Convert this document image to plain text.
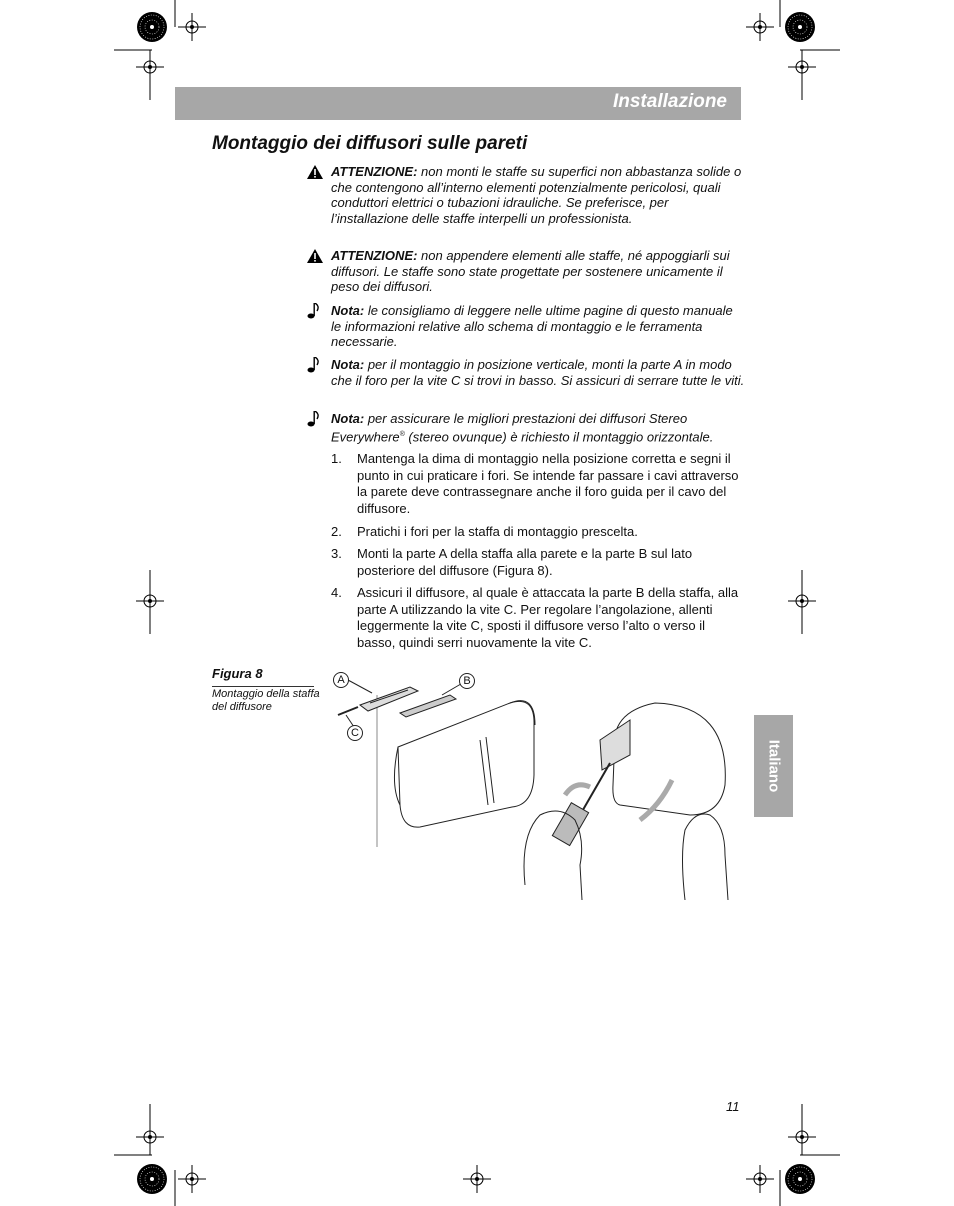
Installazione
Montaggio dei diffusori sulle pareti
ATTENZIONE: non monti le staffe su superfici non abbastanza solide o che contengono all’interno elementi potenzialmente pericolosi, quali conduttori elettrici o tubazioni idrauliche. Se preferisce, per l’installazione delle staffe interpelli un professionista.
ATTENZIONE: non appendere elementi alle staffe, né appoggiarli sui diffusori. Le staffe sono state progettate per sostenere unicamente il peso dei diffusori.
Nota: le consigliamo di leggere nelle ultime pagine di questo manuale le informazioni relative allo schema di montaggio e le ferramenta necessarie.
Nota: per il montaggio in posizione verticale, monti la parte A in modo che il foro per la vite C si trovi in basso. Si assicuri di serrare tutte le viti.
Nota: per assicurare le migliori prestazioni dei diffusori Stereo Everywhere® (stereo ovunque) è richiesto il montaggio orizzontale.
1. Mantenga la dima di montaggio nella posizione corretta e segni il punto in cui praticare i fori. Se intende far passare i cavi attraverso la parete deve contrassegnare anche il foro guida per il cavo del diffusore.
2. Pratichi i fori per la staffa di montaggio prescelta.
3. Monti la parte A della staffa alla parete e la parte B sul lato posteriore del diffusore (Figura 8).
4. Assicuri il diffusore, al quale è attaccata la parte B della staffa, alla parte A utilizzando la vite C. Per regolare l’angolazione, allenti leggermente la vite C, sposti il diffusore verso l’alto o verso il basso, quindi serri nuovamente la vite C.
Figura 8
Montaggio della staffa del diffusore
A	B
C
Italiano
11
